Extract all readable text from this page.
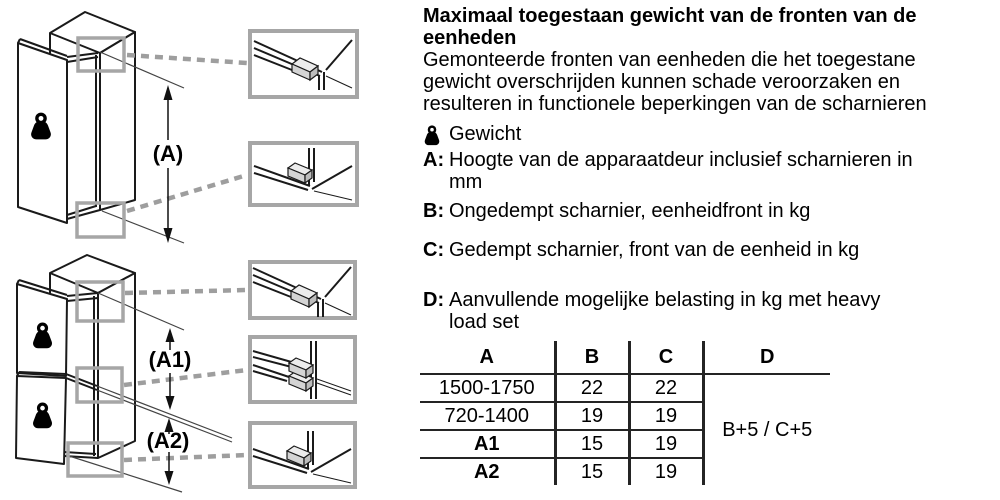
(A)
(A1)
(A2)
Maximaal toegestaan gewicht van de fronten van de eenheden

Gemonteerde fronten van eenheden die het toegestane gewicht overschrijden kunnen schade veroorzaken en resulteren in functionele beperkingen van de scharnieren

Gewicht
A: Hoogte van de apparaatdeur inclusief scharnieren in mm
B: Ongedempt scharnier, eenheidfront in kg
C: Gedempt scharnier, front van de eenheid in kg
D: Aanvullende mogelijke belasting in kg met heavy load set
A	B	C	D
1500-1750	22	22	B+5 / C+5
720-1400	19	19	
A1	15	19	
A2	15	19	
